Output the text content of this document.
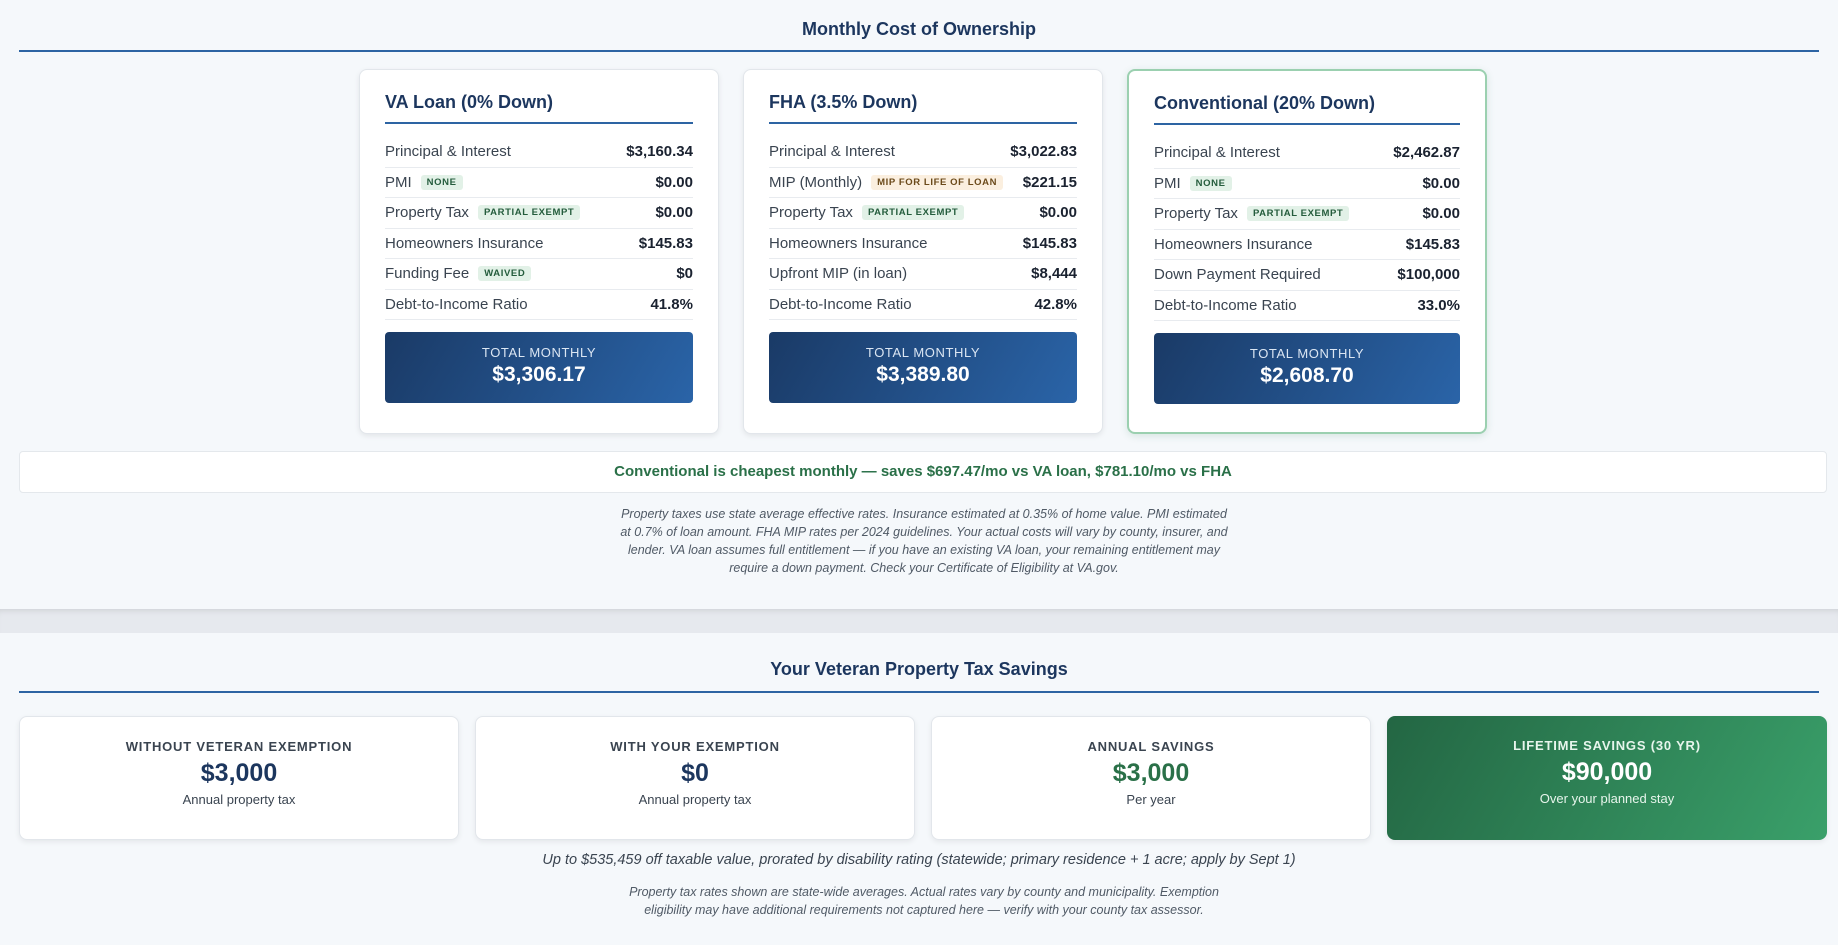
Monthly Cost of Ownership
VA Loan (0% Down)
Principal & Interest	$3,160.34
PMI	NONE	$0.00
Property Tax	PARTIAL EXEMPT	$0.00
Homeowners Insurance	$145.83
Funding Fee	WAIVED	$0
Debt-to-Income Ratio	41.8%
TOTAL MONTHLY
$3,306.17
FHA (3.5% Down)
Principal & Interest	$3,022.83
MIP (Monthly)	MIP FOR LIFE OF LOAN	$221.15
Property Tax	PARTIAL EXEMPT	$0.00
Homeowners Insurance	$145.83
Upfront MIP (in loan)	$8,444
Debt-to-Income Ratio	42.8%
TOTAL MONTHLY
$3,389.80
Conventional (20% Down)
Principal & Interest	$2,462.87
PMI	NONE	$0.00
Property Tax	PARTIAL EXEMPT	$0.00
Homeowners Insurance	$145.83
Down Payment Required	$100,000
Debt-to-Income Ratio	33.0%
TOTAL MONTHLY
$2,608.70
Conventional is cheapest monthly — saves $697.47/mo vs VA loan, $781.10/mo vs FHA
Property taxes use state average effective rates. Insurance estimated at 0.35% of home value. PMI estimated at 0.7% of loan amount. FHA MIP rates per 2024 guidelines. Your actual costs will vary by county, insurer, and lender. VA loan assumes full entitlement — if you have an existing VA loan, your remaining entitlement may require a down payment. Check your Certificate of Eligibility at VA.gov.
Your Veteran Property Tax Savings
WITHOUT VETERAN EXEMPTION
$3,000
Annual property tax
WITH YOUR EXEMPTION
$0
Annual property tax
ANNUAL SAVINGS
$3,000
Per year
LIFETIME SAVINGS (30 YR)
$90,000
Over your planned stay
Up to $535,459 off taxable value, prorated by disability rating (statewide; primary residence + 1 acre; apply by Sept 1)
Property tax rates shown are state-wide averages. Actual rates vary by county and municipality. Exemption eligibility may have additional requirements not captured here — verify with your county tax assessor.
